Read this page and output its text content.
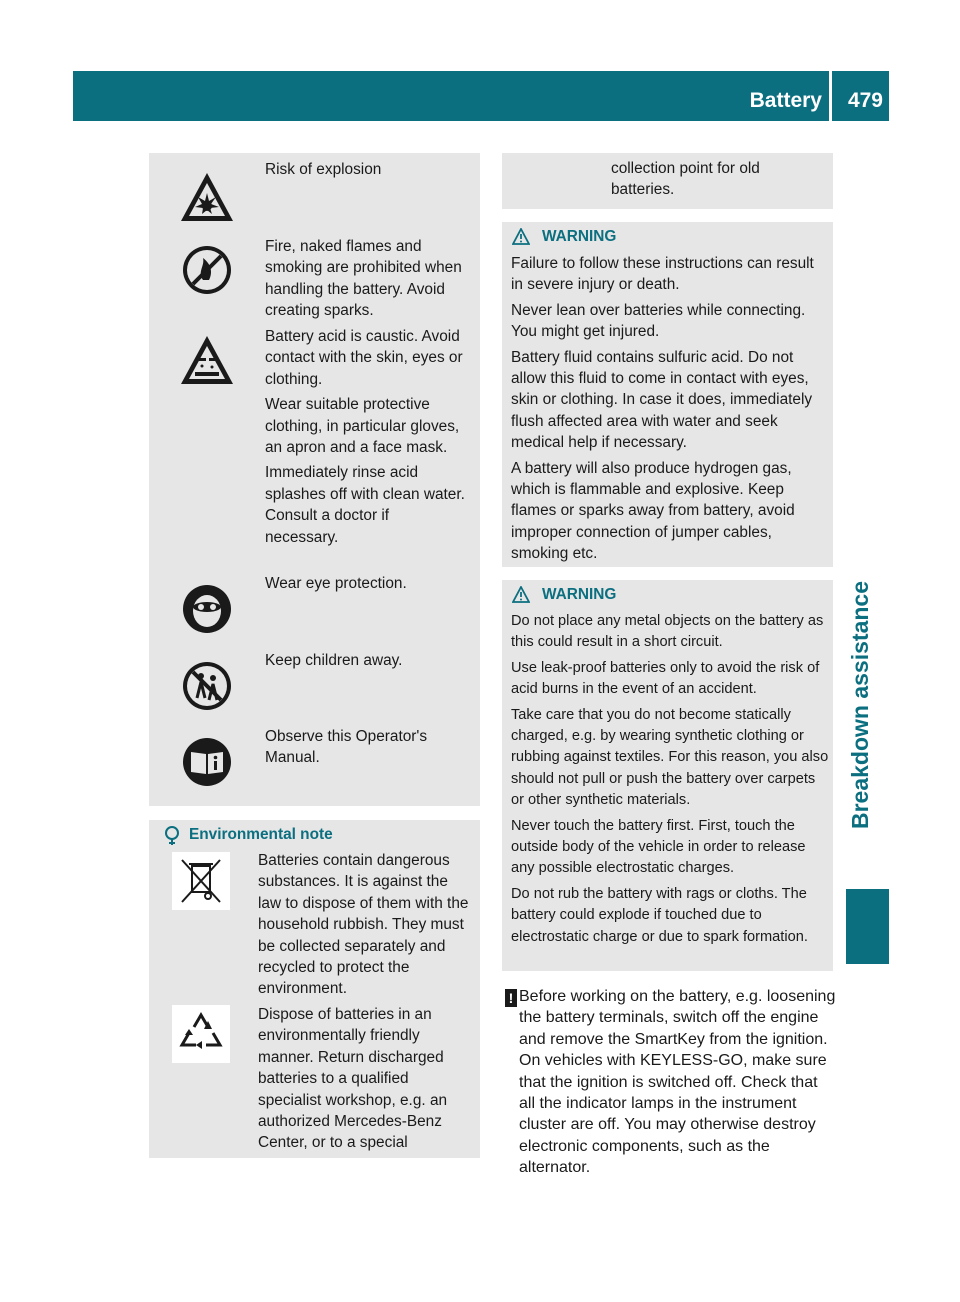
Battery 479
Breakdown assistance

Risk of explosion

Fire, naked flames and smoking are prohibited when handling the battery. Avoid creating sparks.

Battery acid is caustic. Avoid contact with the skin, eyes or clothing.

Wear suitable protective clothing, in particular gloves, an apron and a face mask.

Immediately rinse acid splashes off with clean water. Consult a doctor if necessary.

Wear eye protection.

Keep children away.

Observe this Operator's Manual.

Environmental note
Batteries contain dangerous substances. It is against the law to dispose of them with the household rubbish. They must be collected separately and recycled to protect the environment.
Dispose of batteries in an environmentally friendly manner. Return discharged batteries to a qualified specialist workshop, e.g. an authorized Mercedes-Benz Center, or to a special
collection point for old batteries.
WARNING

Failure to follow these instructions can result in severe injury or death.

Never lean over batteries while connecting. You might get injured.

Battery fluid contains sulfuric acid. Do not allow this fluid to come in contact with eyes, skin or clothing. In case it does, immediately flush affected area with water and seek medical help if necessary.

A battery will also produce hydrogen gas, which is flammable and explosive. Keep flames or sparks away from battery, avoid improper connection of jumper cables, smoking etc.

WARNING

Do not place any metal objects on the battery as this could result in a short circuit.

Use leak-proof batteries only to avoid the risk of acid burns in the event of an accident.

Take care that you do not become statically charged, e.g. by wearing synthetic clothing or rubbing against textiles. For this reason, you also should not pull or push the battery over carpets or other synthetic materials.

Never touch the battery first. First, touch the outside body of the vehicle in order to release any possible electrostatic charges.

Do not rub the battery with rags or cloths. The battery could explode if touched due to electrostatic charge or due to spark formation.

! Before working on the battery, e.g. loosening the battery terminals, switch off the engine and remove the SmartKey from the ignition. On vehicles with KEYLESS-GO, make sure that the ignition is switched off. Check that all the indicator lamps in the instrument cluster are off. You may otherwise destroy electronic components, such as the alternator.
